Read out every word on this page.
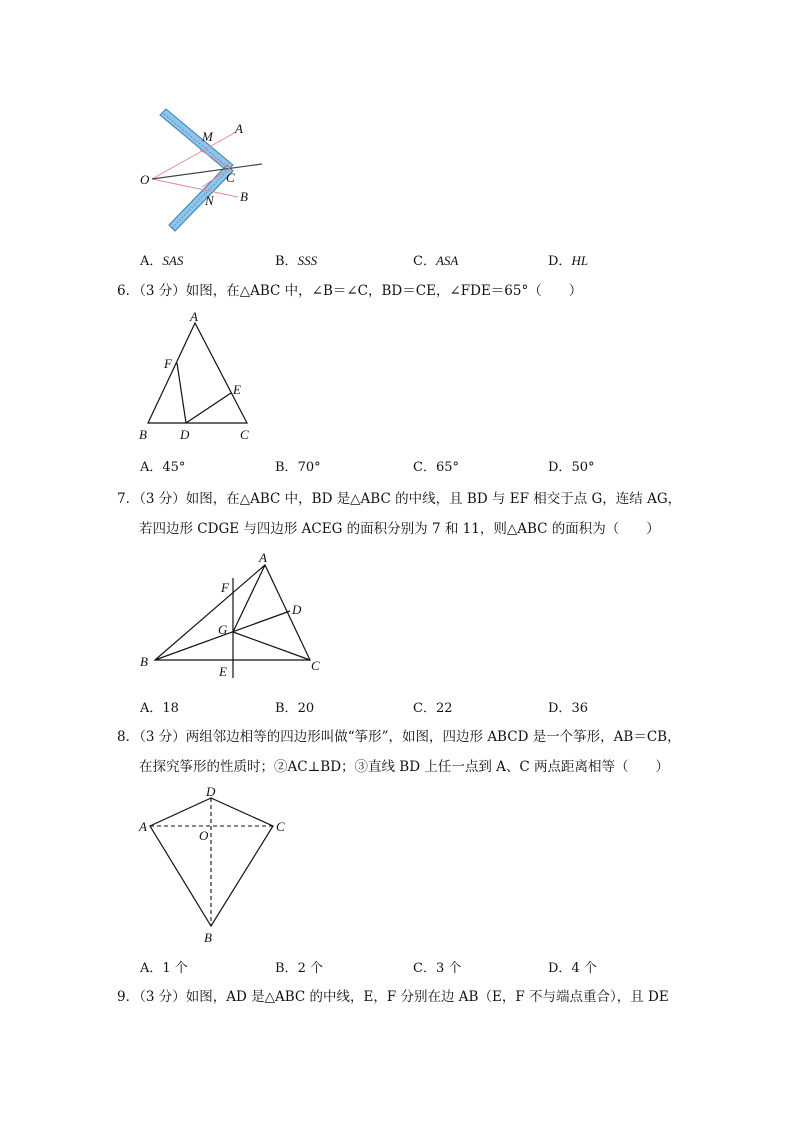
M
A
O	C
N B
A．SAS	B．SSS	C．ASA	D．HL
6．（3 分）如图，在△ABC 中，∠B＝∠C，BD＝CE，∠FDE＝65°（　　）
A
F
E
B	D	C
A．45°	B．70°	C．65°	D．50°
7．（3 分）如图，在△ABC 中，BD 是△ABC 的中线，且 BD 与 EF 相交于点 G，连结 AG，
若四边形 CDGE 与四边形 ACEG 的面积分别为 7 和 11，则△ABC 的面积为（　　）
A
F
D
G
B
E	C
A．18	B．20	C．22	D．36
8．（3 分）两组邻边相等的四边形叫做“筝形”，如图，四边形 ABCD 是一个筝形，AB＝CB，
在探究筝形的性质时；②AC⊥BD；③直线 BD 上任一点到 A、C 两点距离相等（　　）
D
A
O
C
B
A．1 个	B．2 个	C．3 个	D．4 个
9．（3 分）如图，AD 是△ABC 的中线，E，F 分别在边 AB（E，F 不与端点重合），且 DE
